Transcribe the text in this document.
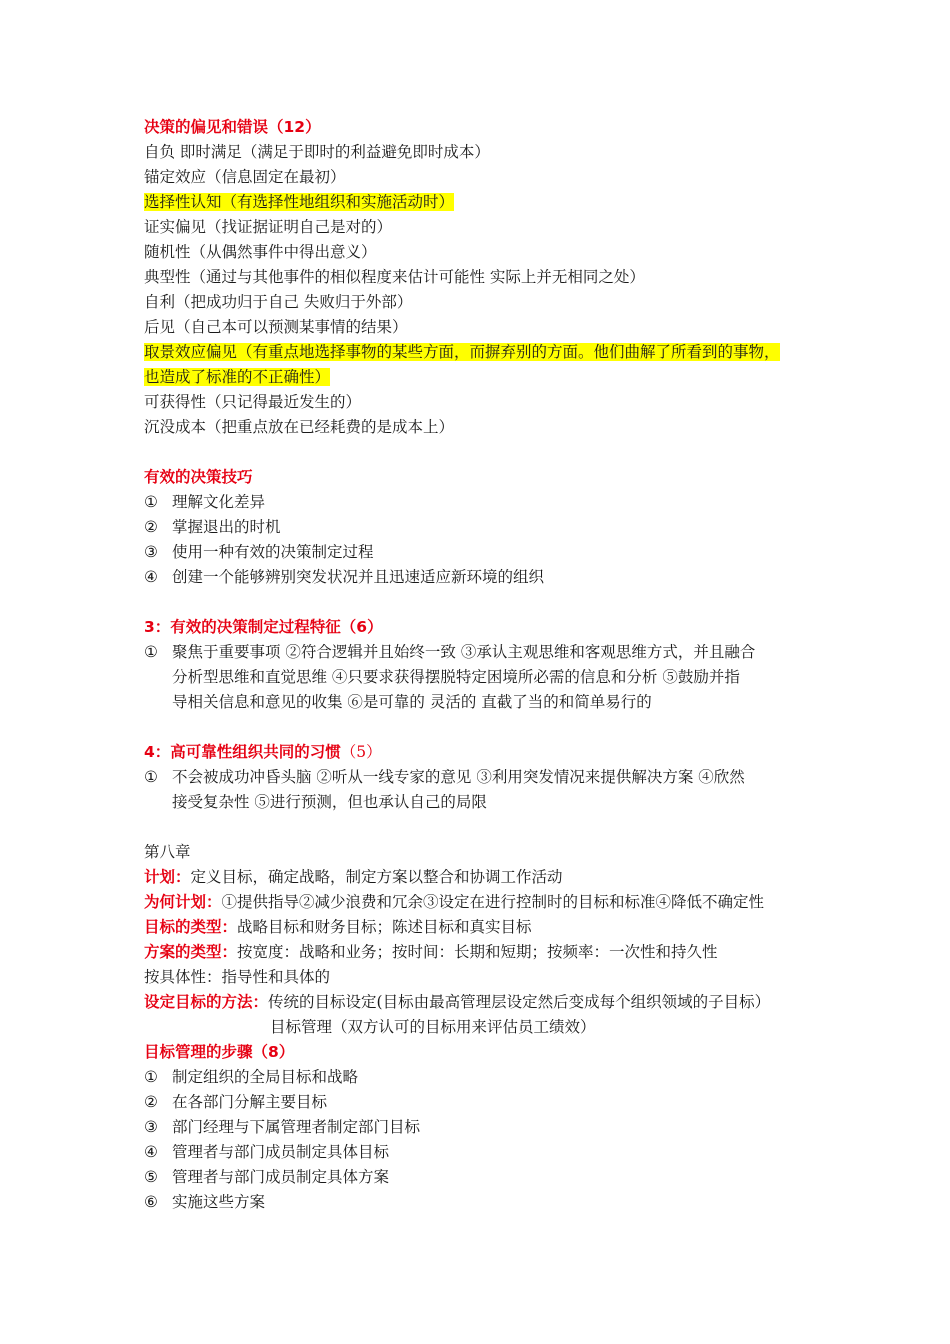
决策的偏见和错误（12）
自负 即时满足（满足于即时的利益避免即时成本）
锚定效应（信息固定在最初）
选择性认知（有选择性地组织和实施活动时）
证实偏见（找证据证明自己是对的）
随机性（从偶然事件中得出意义）
典型性（通过与其他事件的相似程度来估计可能性 实际上并无相同之处）
自利（把成功归于自己 失败归于外部）
后见（自己本可以预测某事情的结果）
取景效应偏见（有重点地选择事物的某些方面，而摒弃别的方面。他们曲解了所看到的事物，
也造成了标准的不正确性）
可获得性（只记得最近发生的）
沉没成本（把重点放在已经耗费的是成本上）
有效的决策技巧
① 理解文化差异
② 掌握退出的时机
③ 使用一种有效的决策制定过程
④ 创建一个能够辨别突发状况并且迅速适应新环境的组织
3：有效的决策制定过程特征（6）
① 聚焦于重要事项 ②符合逻辑并且始终一致 ③承认主观思维和客观思维方式，并且融合
分析型思维和直觉思维 ④只要求获得摆脱特定困境所必需的信息和分析 ⑤鼓励并指
导相关信息和意见的收集 ⑥是可靠的 灵活的 直截了当的和简单易行的
4：高可靠性组织共同的习惯（5）
① 不会被成功冲昏头脑 ②听从一线专家的意见 ③利用突发情况来提供解决方案 ④欣然
接受复杂性 ⑤进行预测，但也承认自己的局限
第八章
计划：定义目标，确定战略，制定方案以整合和协调工作活动
为何计划：①提供指导②减少浪费和冗余③设定在进行控制时的目标和标准④降低不确定性
目标的类型：战略目标和财务目标；陈述目标和真实目标
方案的类型：按宽度：战略和业务；按时间：长期和短期；按频率：一次性和持久性
按具体性：指导性和具体的
设定目标的方法：传统的目标设定(目标由最高管理层设定然后变成每个组织领域的子目标）
目标管理（双方认可的目标用来评估员工绩效）
目标管理的步骤（8）
① 制定组织的全局目标和战略
② 在各部门分解主要目标
③ 部门经理与下属管理者制定部门目标
④ 管理者与部门成员制定具体目标
⑤ 管理者与部门成员制定具体方案
⑥ 实施这些方案
